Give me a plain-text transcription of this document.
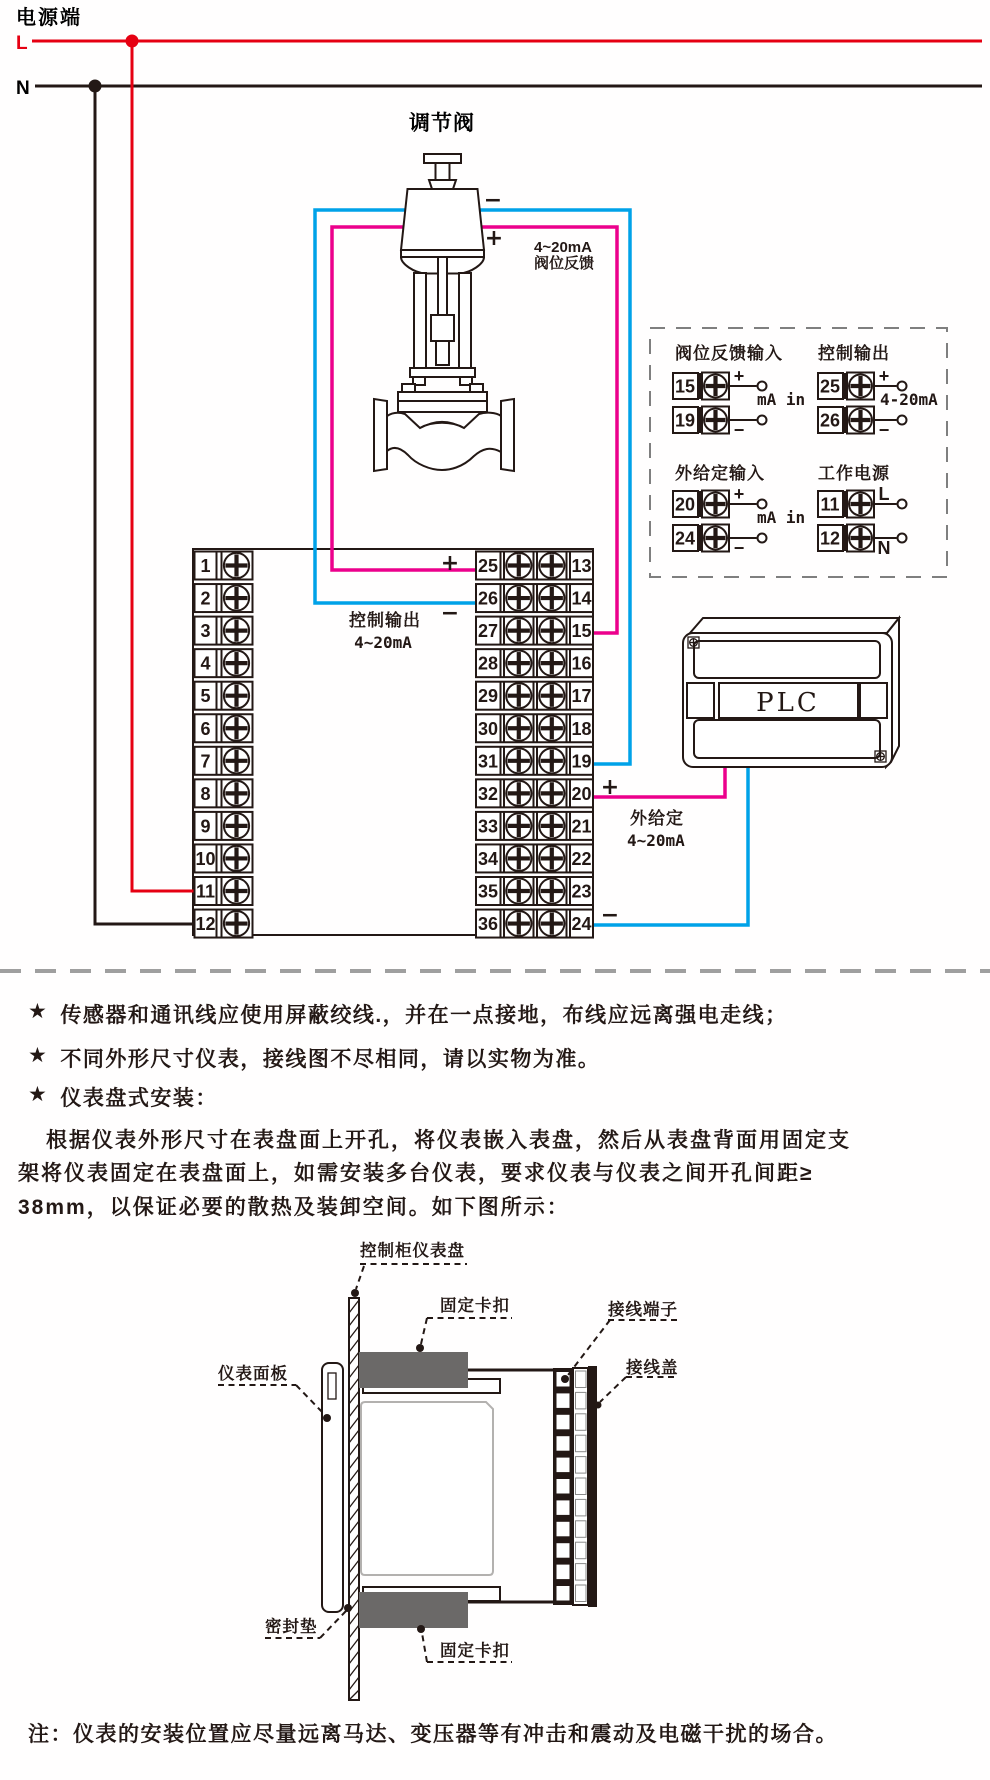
电源端
L
N
调节阀
−
+ 4~20mA
阀位反馈
1
2
3
4
5
6
7
8
9
10
11
12
25	13
26	14
27	15
28	16
29	17
30	18
31	19
32	20
33	21
34	22
35	23
36	24
+
−
控制输出
4~20mA
+
−
外给定
4~20mA
阀位反馈输入
15
+
19 −
mA in
控制输出
25
+
26 −
4-20mA
外给定输入
20
+
24 −
mA in
工作电源
11
L
12 N
PLC
★ 传感器和通讯线应使用屏蔽绞线.，并在一点接地，布线应远离强电走线；
★ 不同外形尺寸仪表，接线图不尽相同，请以实物为准。
★ 仪表盘式安装：
根据仪表外形尺寸在表盘面上开孔，将仪表嵌入表盘，然后从表盘背面用固定支
架将仪表固定在表盘面上，如需安装多台仪表，要求仪表与仪表之间开孔间距≥
38mm，以保证必要的散热及装卸空间。如下图所示：
控制柜仪表盘
固定卡扣	接线端子
接线盖
仪表面板
密封垫
固定卡扣
注：仪表的安装位置应尽量远离马达、变压器等有冲击和震动及电磁干扰的场合。
